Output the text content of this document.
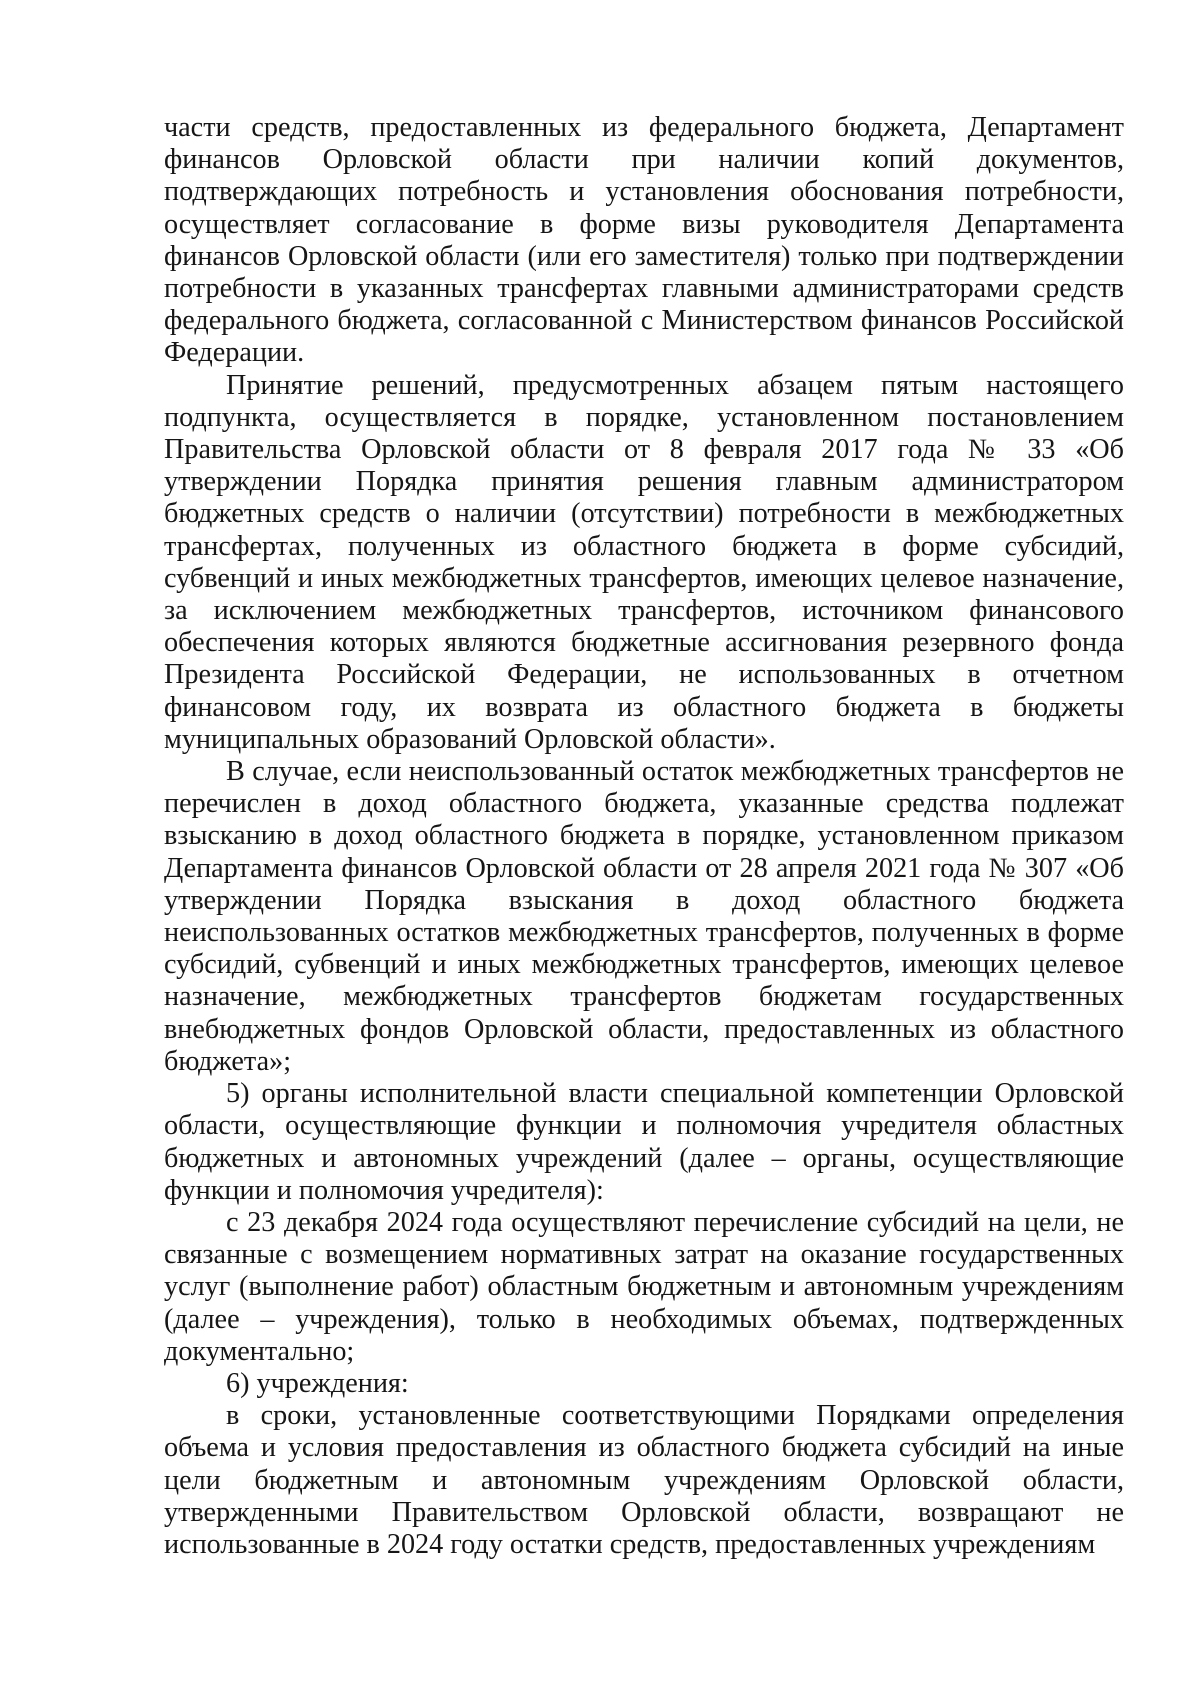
части средств, предоставленных из федерального бюджета, Департамент финансов Орловской области при наличии копий документов, подтверждающих потребность и установления обоснования потребности, осуществляет согласование в форме визы руководителя Департамента финансов Орловской области (или его заместителя) только при подтверждении потребности в указанных трансфертах главными администраторами средств федерального бюджета, согласованной с Министерством финансов Российской Федерации.

Принятие решений, предусмотренных абзацем пятым настоящего подпункта, осуществляется в порядке, установленном постановлением Правительства Орловской области от 8 февраля 2017 года № 33 «Об утверждении Порядка принятия решения главным администратором бюджетных средств о наличии (отсутствии) потребности в межбюджетных трансфертах, полученных из областного бюджета в форме субсидий, субвенций и иных межбюджетных трансфертов, имеющих целевое назначение, за исключением межбюджетных трансфертов, источником финансового обеспечения которых являются бюджетные ассигнования резервного фонда Президента Российской Федерации, не использованных в отчетном финансовом году, их возврата из областного бюджета в бюджеты муниципальных образований Орловской области».

В случае, если неиспользованный остаток межбюджетных трансфертов не перечислен в доход областного бюджета, указанные средства подлежат взысканию в доход областного бюджета в порядке, установленном приказом Департамента финансов Орловской области от 28 апреля 2021 года № 307 «Об утверждении Порядка взыскания в доход областного бюджета неиспользованных остатков межбюджетных трансфертов, полученных в форме субсидий, субвенций и иных межбюджетных трансфертов, имеющих целевое назначение, межбюджетных трансфертов бюджетам государственных внебюджетных фондов Орловской области, предоставленных из областного бюджета»;

5) органы исполнительной власти специальной компетенции Орловской области, осуществляющие функции и полномочия учредителя областных бюджетных и автономных учреждений (далее – органы, осуществляющие функции и полномочия учредителя):

с 23 декабря 2024 года осуществляют перечисление субсидий на цели, не связанные с возмещением нормативных затрат на оказание государственных услуг (выполнение работ) областным бюджетным и автономным учреждениям (далее – учреждения), только в необходимых объемах, подтвержденных документально;

6) учреждения:

в сроки, установленные соответствующими Порядками определения объема и условия предоставления из областного бюджета субсидий на иные цели бюджетным и автономным учреждениям Орловской области, утвержденными Правительством Орловской области, возвращают не использованные в 2024 году остатки средств, предоставленных учреждениям
